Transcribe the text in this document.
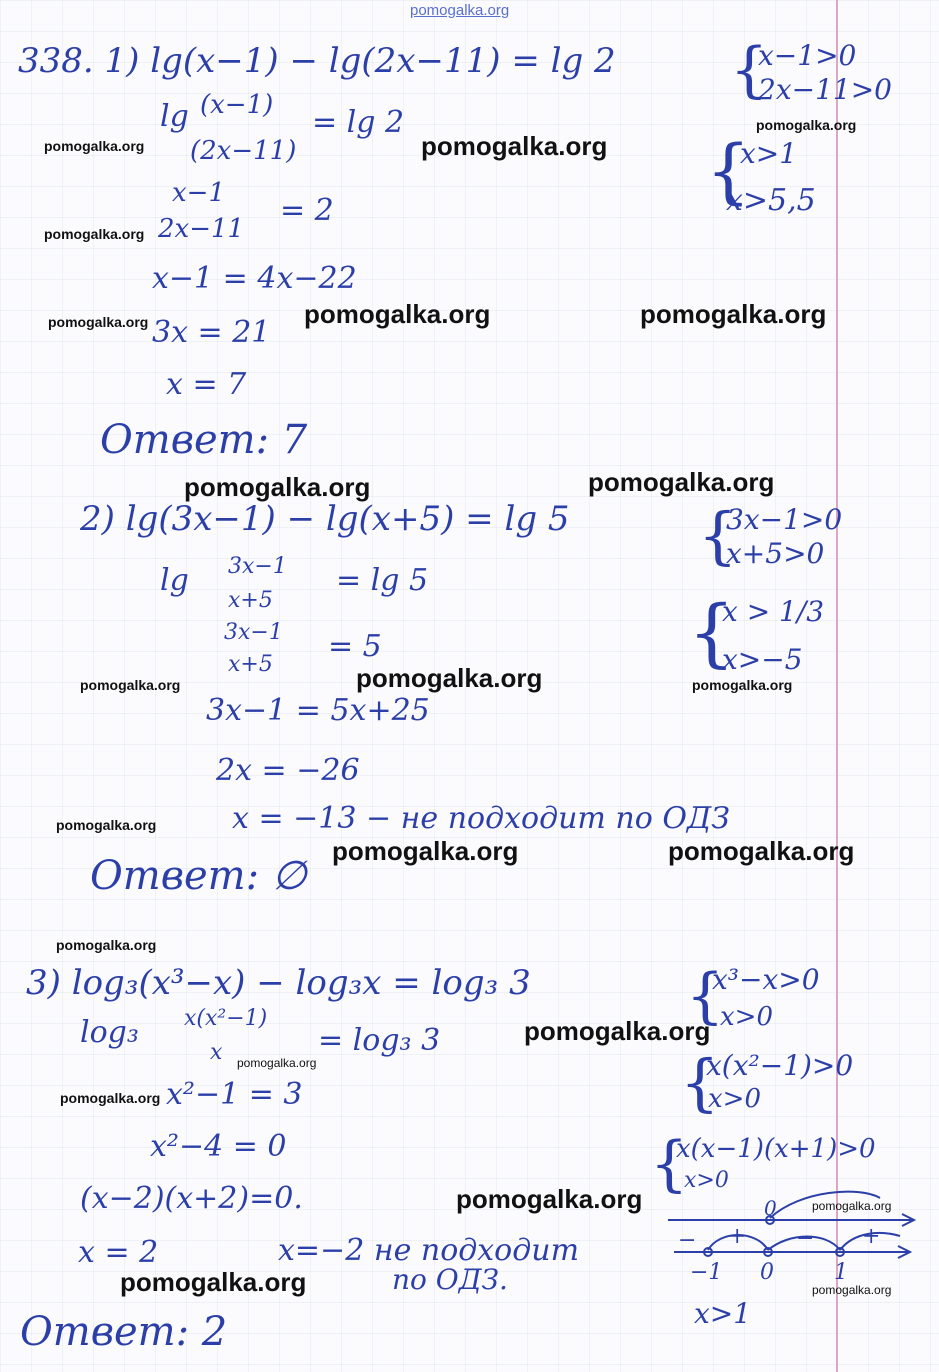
pomogalka.org
338. 1) lg(x−1) − lg(2x−11) = lg 2
lg (x−1)
(2x−11)
= lg 2
x−1
2x−11
= 2
x−1 = 4x−22
3x = 21
x = 7
Ответ: 7
{
x−1>0
2x−11>0
{
x>1
x>5,5
2) lg(3x−1) − lg(x+5) = lg 5
lg 3x−1
x+5
= lg 5
3x−1
x+5
= 5
3x−1 = 5x+25
2x = −26
x = −13 − не подходит по ОДЗ
Ответ: ∅
{
3x−1>0
x+5>0
{
x > 1/3
x>−5
3) log₃(x³−x) − log₃x = log₃ 3
log₃ x(x²−1)
x	= log₃ 3
x²−1 = 3
x²−4 = 0
(x−2)(x+2)=0.
x = 2	x=−2 не подходит
по ОДЗ.
Ответ: 2
{
x³−x>0
x>0
{
x(x²−1)>0
x>0
{
x(x−1)(x+1)>0
x>0
− + − +
−1 0	1
0
x>1
pomogalka.org	pomogalka.org
pomogalka.org
pomogalka.org
pomogalka.org	pomogalka.org	pomogalka.org
pomogalka.org	pomogalka.org
pomogalka.org	pomogalka.org	pomogalka.org
pomogalka.org
pomogalka.org	pomogalka.org
pomogalka.org
pomogalka.org
pomogalka.org
pomogalka.org
pomogalka.org	pomogalka.org
pomogalka.org	pomogalka.org
